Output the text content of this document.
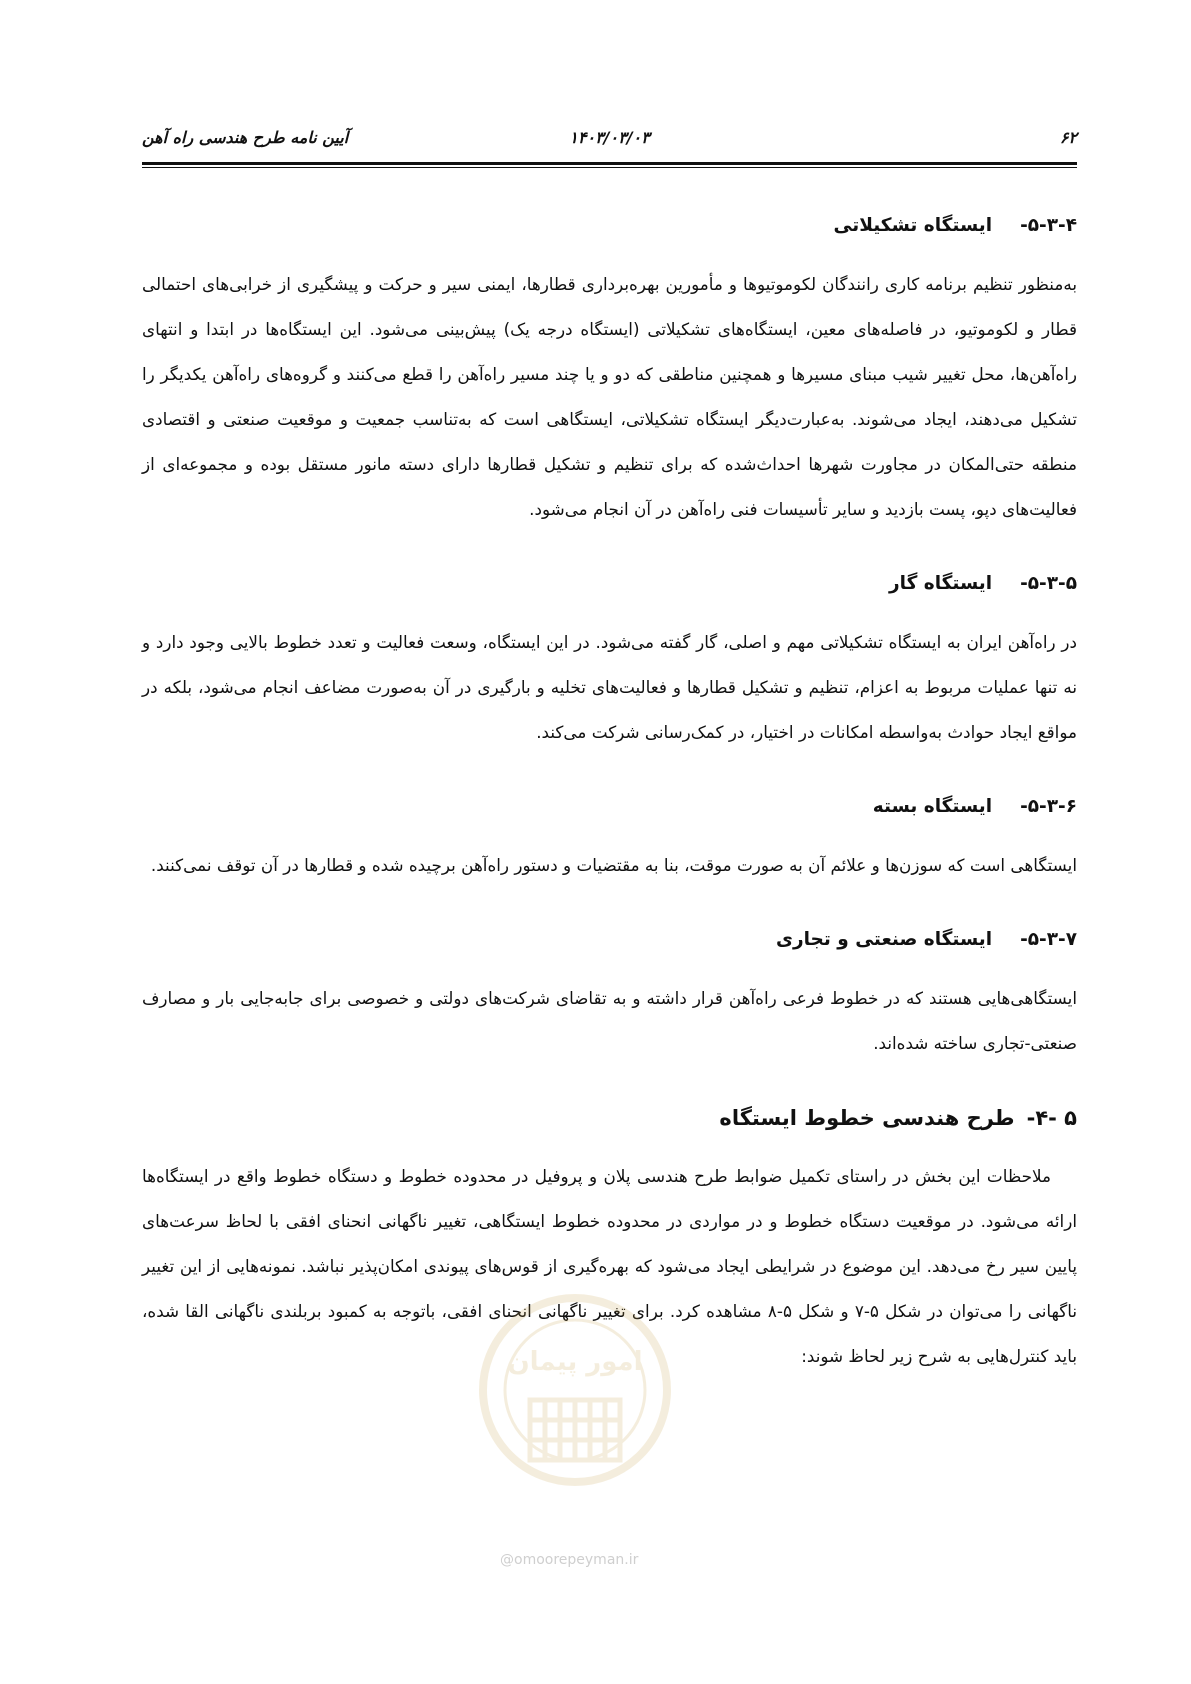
۶۲
۱۴۰۳/۰۳/۰۳
آیین نامه طرح هندسی راه آهن
۵-۳-۴-ایستگاه تشکیلاتی

به‌منظور تنظیم برنامه کاری رانندگان لکوموتیوها و مأمورین بهره‌برداری قطارها، ایمنی سیر و حرکت و پیشگیری از خرابی‌های احتمالی قطار و لکوموتیو، در فاصله‌های معین، ایستگاه‌های تشکیلاتی (ایستگاه درجه یک) پیش‌بینی می‌شود. این ایستگاه‌ها در ابتدا و انتهای راه‌آهن‌ها، محل تغییر شیب مبنای مسیرها و همچنین مناطقی که دو و یا چند مسیر راه‌آهن را قطع می‌کنند و گروه‌های راه‌آهن یکدیگر را تشکیل می‌دهند، ایجاد می‌شوند. به‌عبارت‌دیگر ایستگاه تشکیلاتی، ایستگاهی است که به‌تناسب جمعیت و موقعیت صنعتی و اقتصادی منطقه حتی‌المکان در مجاورت شهرها احداث‌شده که برای تنظیم و تشکیل قطارها دارای دسته مانور مستقل بوده و مجموعه‌ای از فعالیت‌های دپو، پست بازدید و سایر تأسیسات فنی راه‌آهن در آن انجام می‌شود.

۵-۳-۵-ایستگاه گار

در راه‌آهن ایران به ایستگاه تشکیلاتی مهم و اصلی، گار گفته می‌شود. در این ایستگاه، وسعت فعالیت و تعدد خطوط بالایی وجود دارد و نه تنها عملیات مربوط به اعزام، تنظیم و تشکیل قطارها و فعالیت‌های تخلیه و بارگیری در آن به‌صورت مضاعف انجام می‌شود، بلکه در مواقع ایجاد حوادث به‌واسطه امکانات در اختیار، در کمک‌رسانی شرکت می‌کند.

۵-۳-۶-ایستگاه بسته

ایستگاهی است که سوزن‌ها و علائم آن به صورت موقت، بنا به مقتضیات و دستور راه‌آهن برچیده شده و قطارها در آن توقف نمی‌کنند.

۵-۳-۷-ایستگاه صنعتی و تجاری

ایستگاهی‌هایی هستند که در خطوط فرعی راه‌آهن قرار داشته و به تقاضای شرکت‌های دولتی و خصوصی برای جابه‌جایی بار و مصارف صنعتی-تجاری ساخته شده‌اند.

۵ -۴-طرح هندسی خطوط ایستگاه

ملاحظات این بخش در راستای تکمیل ضوابط طرح هندسی پلان و پروفیل در محدوده خطوط و دستگاه خطوط واقع در ایستگاه‌ها ارائه می‌شود. در موقعیت دستگاه خطوط و در مواردی در محدوده خطوط ایستگاهی، تغییر ناگهانی انحنای افقی با لحاظ سرعت‌های پایین سیر رخ می‌دهد. این موضوع در شرایطی ایجاد می‌شود که بهره‌گیری از قوس‌های پیوندی امکان‌پذیر نباشد. نمونه‌هایی از این تغییر ناگهانی را می‌توان در شکل ۵-۷ و شکل ۵-۸ مشاهده کرد. برای تغییر ناگهانی انحنای افقی، باتوجه به کمبود بربلندی ناگهانی القا شده، باید کنترل‌هایی به شرح زیر لحاظ شوند:

امور پیمان
@omoorepeyman.ir
